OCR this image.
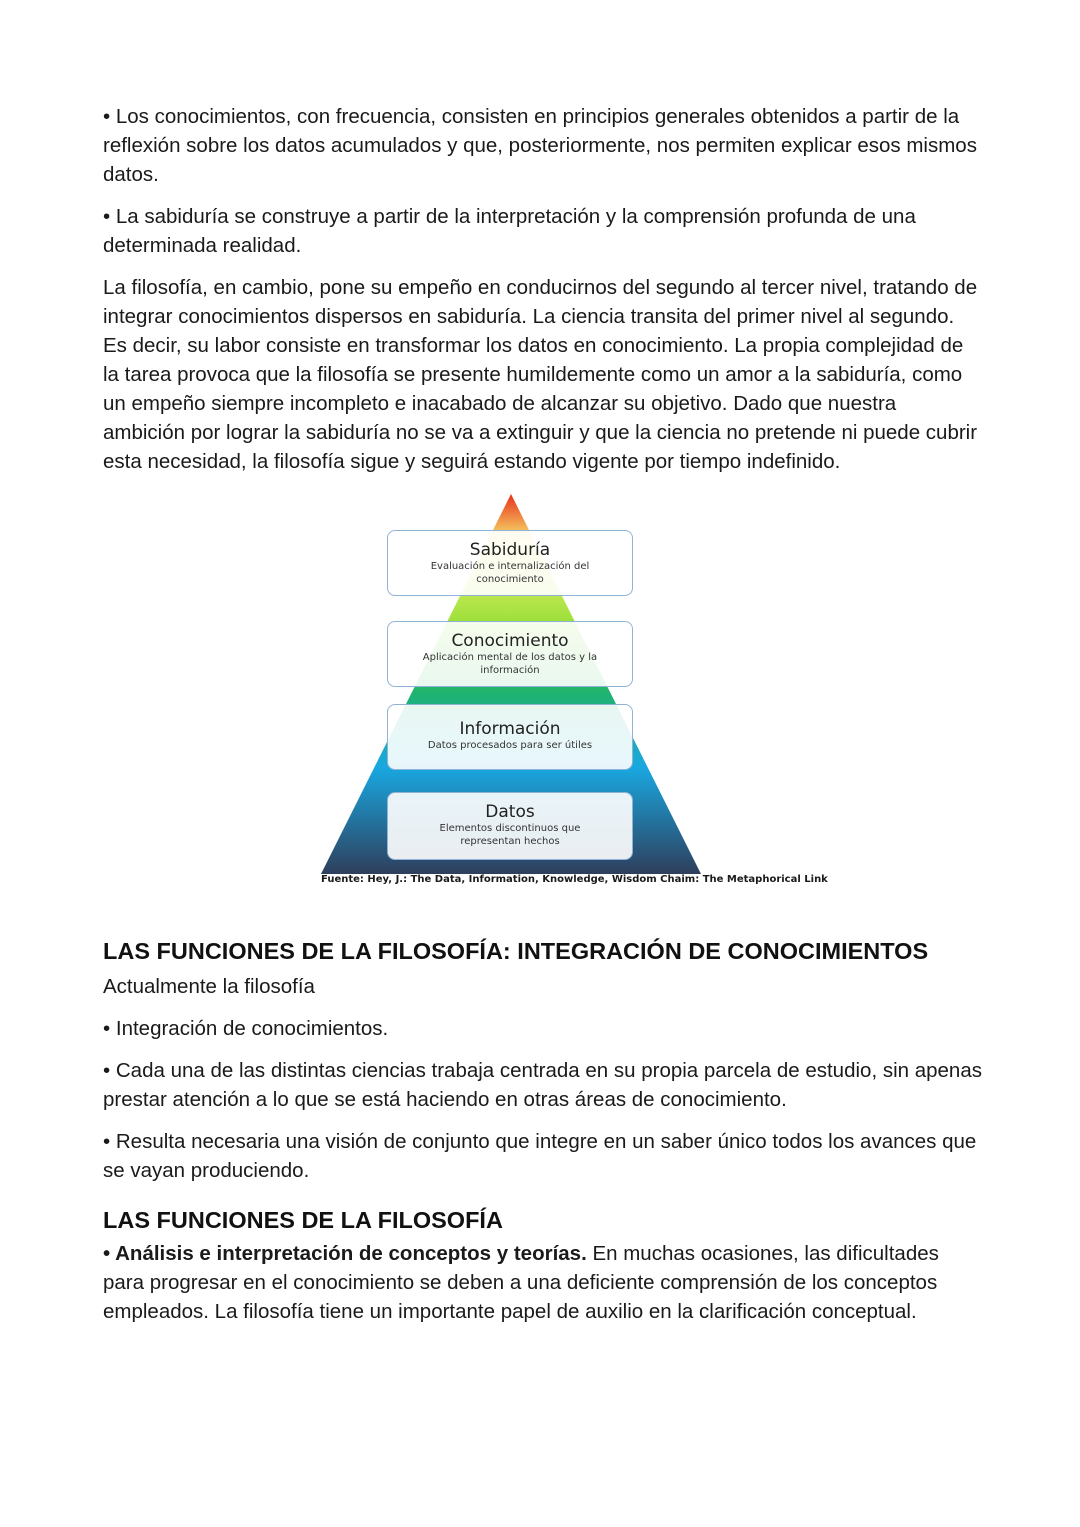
• Los conocimientos, con frecuencia, consisten en principios generales obtenidos a partir de la reflexión sobre los datos acumulados y que, posteriormente, nos permiten explicar esos mismos datos.

• La sabiduría se construye a partir de la interpretación y la comprensión profunda de una determinada realidad.

La filosofía, en cambio, pone su empeño en conducirnos del segundo al tercer nivel, tratando de integrar conocimientos dispersos en sabiduría. La ciencia transita del primer nivel al segundo. Es decir, su labor consiste en transformar los datos en conocimiento. La propia complejidad de la tarea provoca que la filosofía se presente humildemente como un amor a la sabiduría, como un empeño siempre incompleto e inacabado de alcanzar su objetivo. Dado que nuestra ambición por lograr la sabiduría no se va a extinguir y que la ciencia no pretende ni puede cubrir esta necesidad, la filosofía sigue y seguirá estando vigente por tiempo indefinido.

Sabiduría
Evaluación e internalización del conocimiento
Conocimiento
Aplicación mental de los datos y la información
Información
Datos procesados para ser útiles
Datos
Elementos discontinuos que representan hechos
Fuente: Hey, J.: The Data, Information, Knowledge, Wisdom Chaim: The Metaphorical Link
LAS FUNCIONES DE LA FILOSOFÍA: INTEGRACIÓN DE CONOCIMIENTOS

Actualmente la filosofía

• Integración de conocimientos.

• Cada una de las distintas ciencias trabaja centrada en su propia parcela de estudio, sin apenas prestar atención a lo que se está haciendo en otras áreas de conocimiento.

• Resulta necesaria una visión de conjunto que integre en un saber único todos los avances que se vayan produciendo.

LAS FUNCIONES DE LA FILOSOFÍA

• Análisis e interpretación de conceptos y teorías. En muchas ocasiones, las dificultades para progresar en el conocimiento se deben a una deficiente comprensión de los conceptos empleados. La filosofía tiene un importante papel de auxilio en la clarificación conceptual.
